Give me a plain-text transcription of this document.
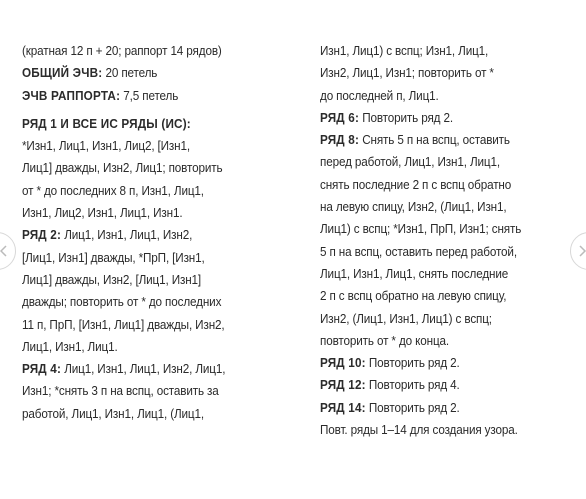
(кратная 12 п + 20; раппорт 14 рядов)
ОБЩИЙ ЭЧВ: 20 петель
ЭЧВ РАППОРТА: 7,5 петель
РЯД 1 И ВСЕ ИС РЯДЫ (ИС):
*Изн1, Лиц1, Изн1, Лиц2, [Изн1,
Лиц1] дважды, Изн2, Лиц1; повторить
от * до последних 8 п, Изн1, Лиц1,
Изн1, Лиц2, Изн1, Лиц1, Изн1.
РЯД 2: Лиц1, Изн1, Лиц1, Изн2,
[Лиц1, Изн1] дважды, *ПрП, [Изн1,
Лиц1] дважды, Изн2, [Лиц1, Изн1]
дважды; повторить от * до последних
11 п, ПрП, [Изн1, Лиц1] дважды, Изн2,
Лиц1, Изн1, Лиц1.
РЯД 4: Лиц1, Изн1, Лиц1, Изн2, Лиц1,
Изн1; *снять 3 п на вспц, оставить за
работой, Лиц1, Изн1, Лиц1, (Лиц1,
Изн1, Лиц1) с вспц; Изн1, Лиц1,
Изн2, Лиц1, Изн1; повторить от *
до последней п, Лиц1.
РЯД 6: Повторить ряд 2.
РЯД 8: Снять 5 п на вспц, оставить
перед работой, Лиц1, Изн1, Лиц1,
снять последние 2 п с вспц обратно
на левую спицу, Изн2, (Лиц1, Изн1,
Лиц1) с вспц; *Изн1, ПрП, Изн1; снять
5 п на вспц, оставить перед работой,
Лиц1, Изн1, Лиц1, снять последние
2 п с вспц обратно на левую спицу,
Изн2, (Лиц1, Изн1, Лиц1) с вспц;
повторить от * до конца.
РЯД 10: Повторить ряд 2.
РЯД 12: Повторить ряд 4.
РЯД 14: Повторить ряд 2.
Повт. ряды 1–14 для создания узора.
